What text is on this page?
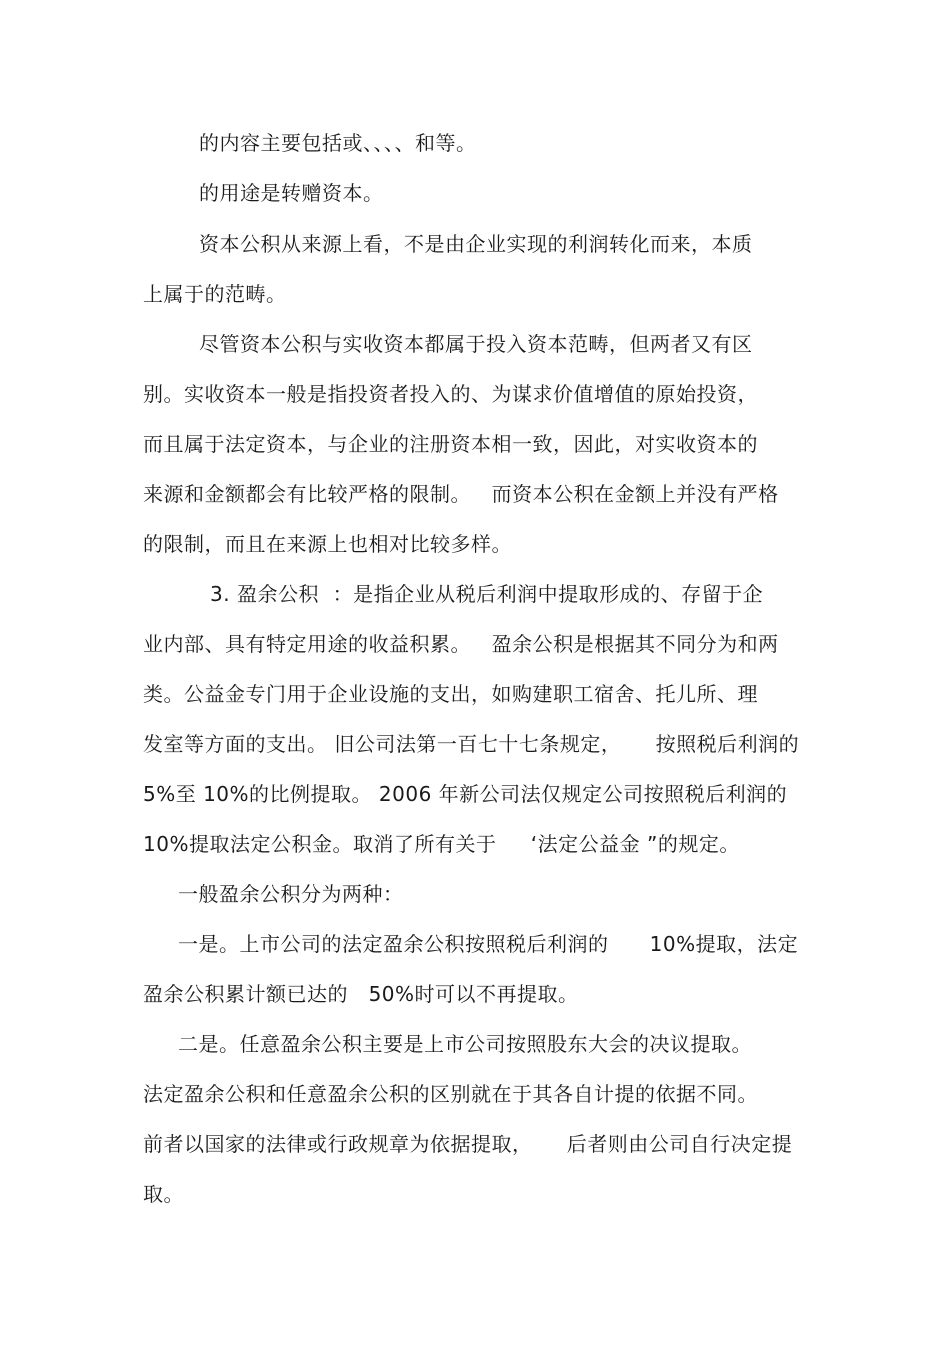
的内容主要包括或、、、、和等。
的用途是转赠资本。
资本公积从来源上看，不是由企业实现的利润转化而来，本质
上属于的范畴。
尽管资本公积与实收资本都属于投入资本范畴，但两者又有区
别。实收资本一般是指投资者投入的、为谋求价值增值的原始投资，
而且属于法定资本，与企业的注册资本相一致，因此，对实收资本的
来源和金额都会有比较严格的限制。   而资本公积在金额上并没有严格
的限制，而且在来源上也相对比较多样。
3. 盈余公积  ：是指企业从税后利润中提取形成的、存留于企
业内部、具有特定用途的收益积累。   盈余公积是根据其不同分为和两
类。公益金专门用于企业设施的支出，如购建职工宿舍、托儿所、理
发室等方面的支出。 旧公司法第一百七十七条规定，     按照税后利润的
5%至 10%的比例提取。 2006 年新公司法仅规定公司按照税后利润的
10%提取法定公积金。取消了所有关于     ‘法定公益金 ”的规定。
一般盈余公积分为两种：
一是。上市公司的法定盈余公积按照税后利润的      10%提取，法定
盈余公积累计额已达的   50%时可以不再提取。
二是。任意盈余公积主要是上市公司按照股东大会的决议提取。
法定盈余公积和任意盈余公积的区别就在于其各自计提的依据不同。
前者以国家的法律或行政规章为依据提取，     后者则由公司自行决定提
取。
